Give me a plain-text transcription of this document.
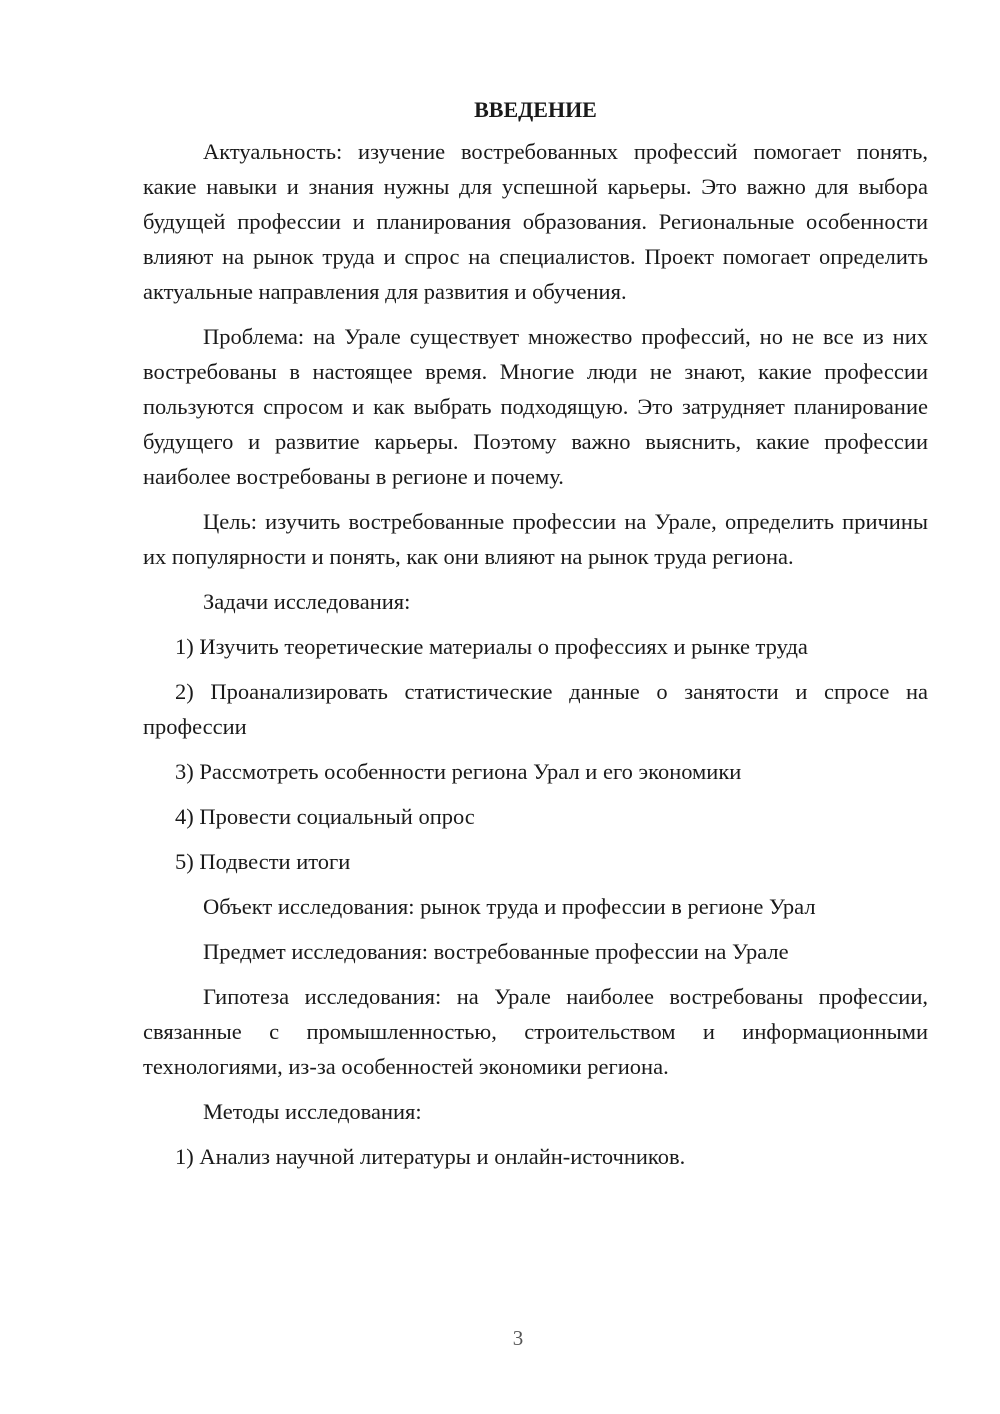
ВВЕДЕНИЕ

Актуальность: изучение востребованных профессий помогает понять, какие навыки и знания нужны для успешной карьеры. Это важно для выбора будущей профессии и планирования образования. Региональные особенности влияют на рынок труда и спрос на специалистов. Проект помогает определить актуальные направления для развития и обучения.

Проблема: на Урале существует множество профессий, но не все из них востребованы в настоящее время. Многие люди не знают, какие профессии пользуются спросом и как выбрать подходящую. Это затрудняет планирование будущего и развитие карьеры. Поэтому важно выяснить, какие профессии наиболее востребованы в регионе и почему.

Цель: изучить востребованные профессии на Урале, определить причины их популярности и понять, как они влияют на рынок труда региона.

Задачи исследования:

1) Изучить теоретические материалы о профессиях и рынке труда

2) Проанализировать статистические данные о занятости и спросе на профессии

3) Рассмотреть особенности региона Урал и его экономики

4) Провести социальный опрос

5) Подвести итоги

Объект исследования: рынок труда и профессии в регионе Урал

Предмет исследования: востребованные профессии на Урале

Гипотеза исследования: на Урале наиболее востребованы профессии, связанные с промышленностью, строительством и информационными технологиями, из-за особенностей экономики региона.

Методы исследования:

1) Анализ научной литературы и онлайн-источников.

3
